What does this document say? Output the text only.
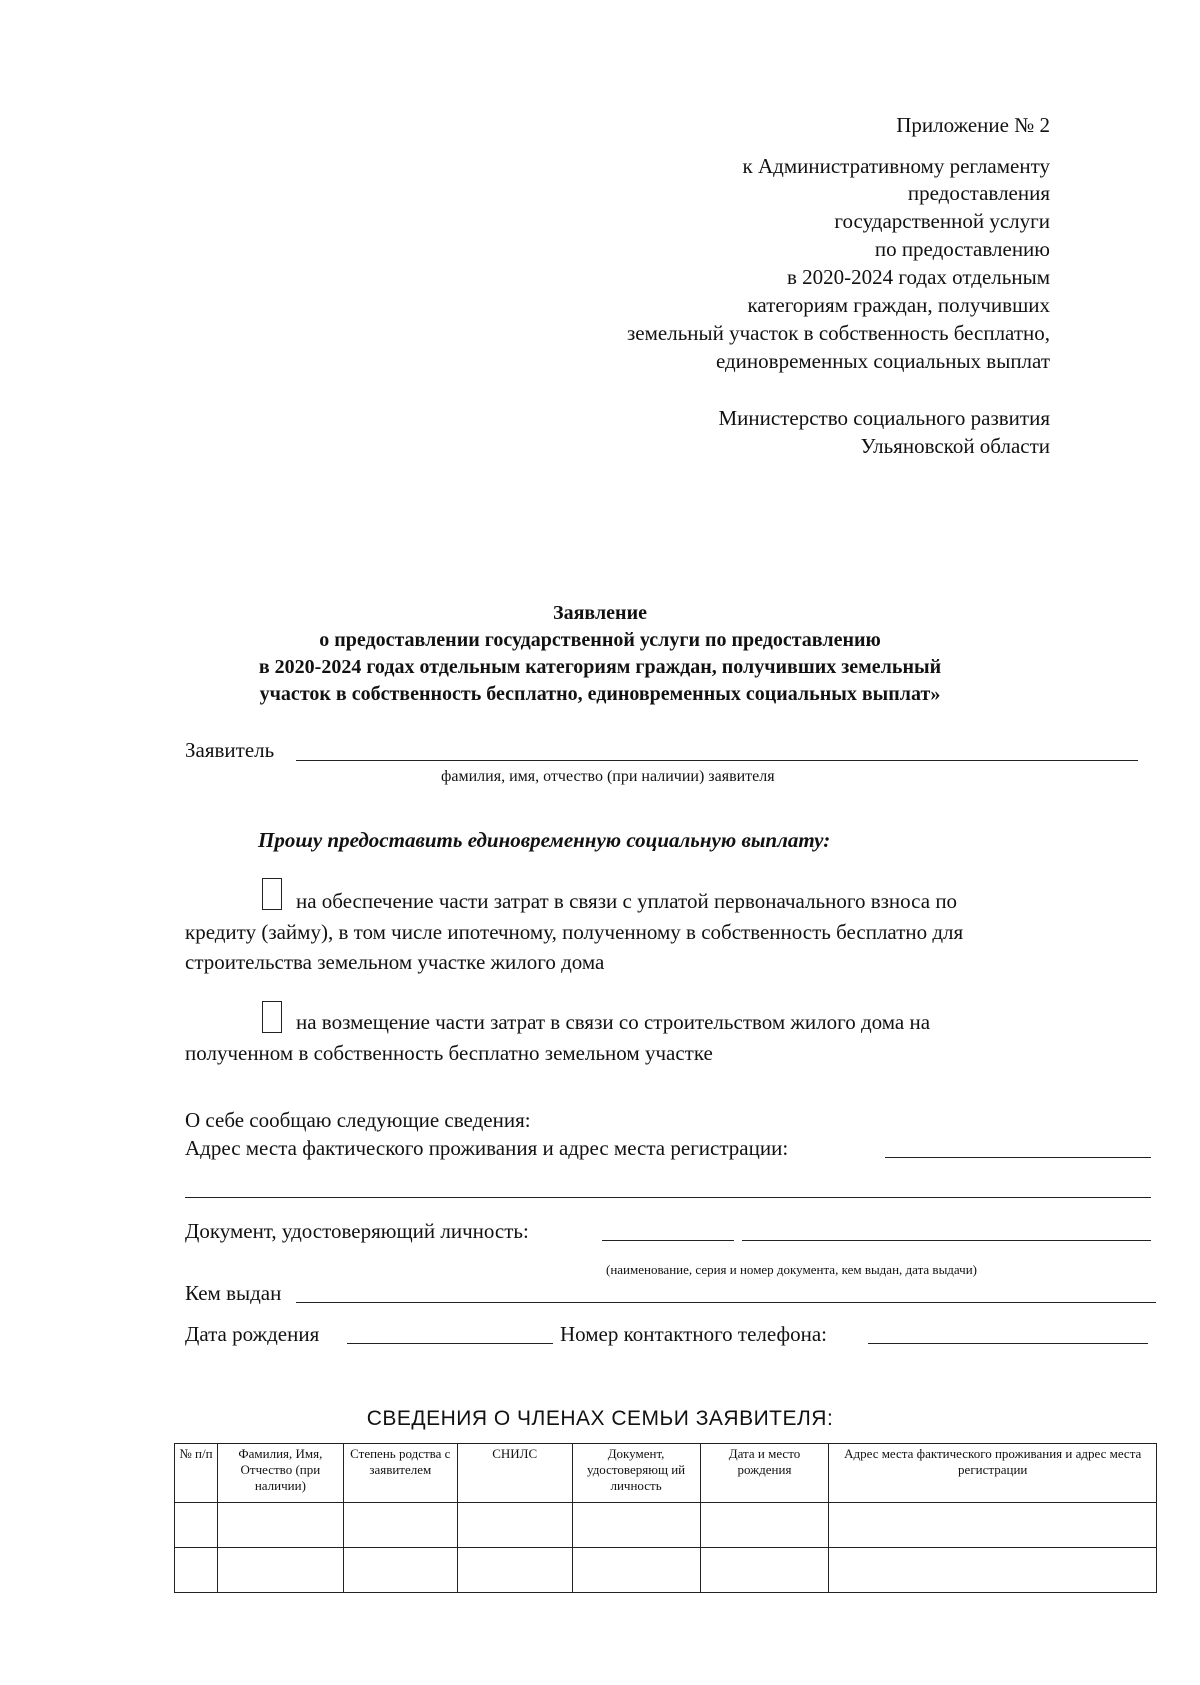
Приложение № 2
к Административному регламенту
предоставления
государственной услуги
по предоставлению
в 2020-2024 годах отдельным
категориям граждан, получивших
земельный участок в собственность бесплатно,
единовременных социальных выплат
Министерство социального развития
Ульяновской области
Заявление
о предоставлении государственной услуги по предоставлению
в 2020-2024 годах отдельным категориям граждан, получивших земельный
участок в собственность бесплатно, единовременных социальных выплат»
Заявитель
фамилия, имя, отчество (при наличии) заявителя
Прошу предоставить единовременную социальную выплату:
на обеспечение части затрат в связи с уплатой первоначального взноса по
кредиту (займу), в том числе ипотечному, полученному в собственность бесплатно для
строительства земельном участке жилого дома
на возмещение части затрат в связи со строительством жилого дома на
полученном в собственность бесплатно земельном участке
О себе сообщаю следующие сведения:
Адрес места фактического проживания и адрес места регистрации:
Документ, удостоверяющий личность:
(наименование, серия и номер документа, кем выдан, дата выдачи)
Кем выдан
Дата рождения	Номер контактного телефона:
СВЕДЕНИЯ О ЧЛЕНАХ СЕМЬИ ЗАЯВИТЕЛЯ:
№ п/п	Фамилия, Имя, Отчество (при наличии)	Степень родства с заявителем	СНИЛС	Документ, удостоверяющ ий личность	Дата и место рождения	Адрес места фактического проживания и адрес места регистрации
